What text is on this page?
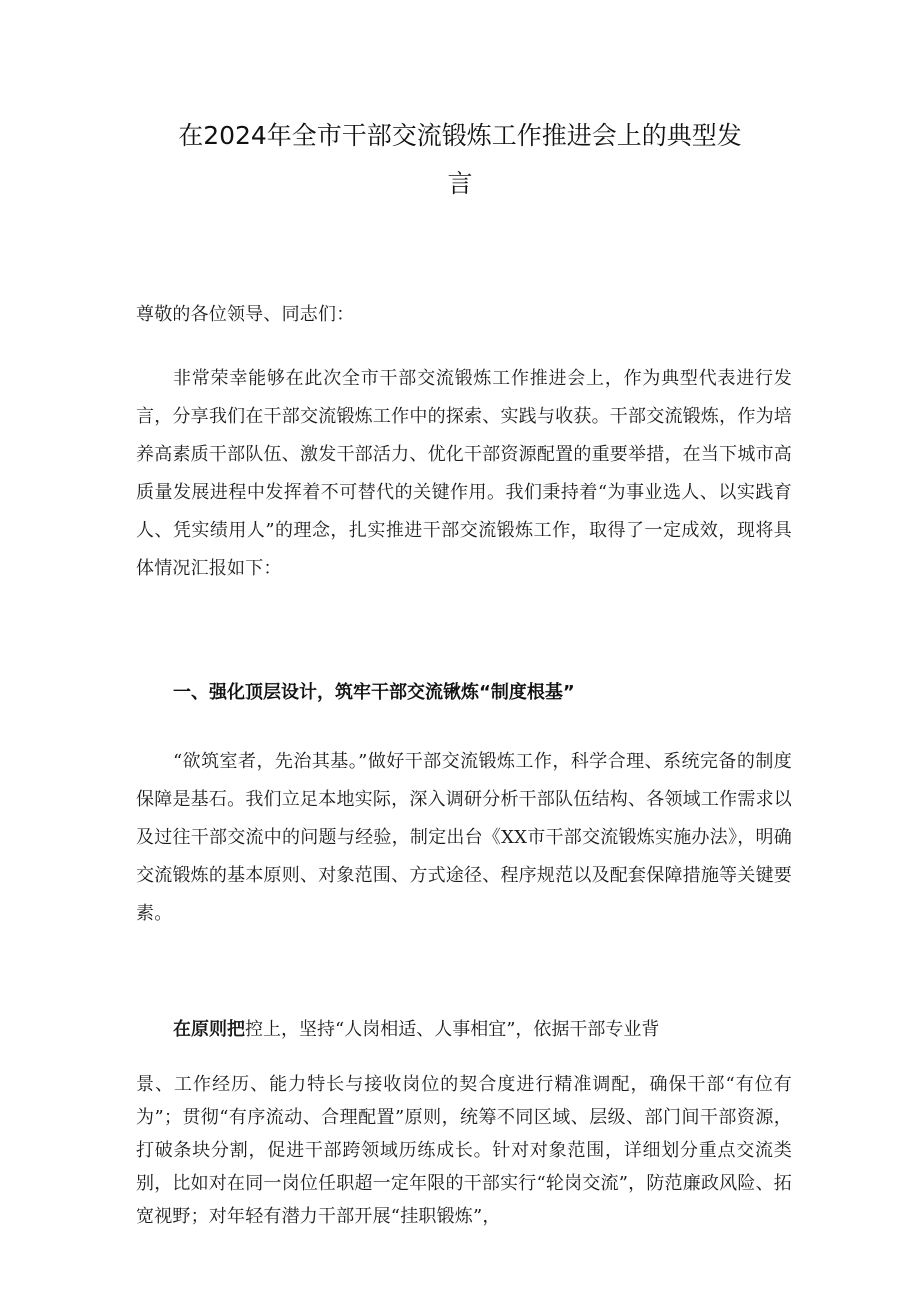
在2024年全市干部交流锻炼工作推进会上的典型发
言

尊敬的各位领导、同志们：

非常荣幸能够在此次全市干部交流锻炼工作推进会上，作为典型代表进行发言，分享我们在干部交流锻炼工作中的探索、实践与收获。干部交流锻炼，作为培养高素质干部队伍、激发干部活力、优化干部资源配置的重要举措，在当下城市高质量发展进程中发挥着不可替代的关键作用。我们秉持着“为事业选人、以实践育人、凭实绩用人”的理念，扎实推进干部交流锻炼工作，取得了一定成效，现将具体情况汇报如下：

一、强化顶层设计，筑牢干部交流锹炼“制度根基”

“欲筑室者，先治其基。”做好干部交流锻炼工作，科学合理、系统完备的制度保障是基石。我们立足本地实际，深入调研分析干部队伍结构、各领域工作需求以及过往干部交流中的问题与经验，制定出台《XX市干部交流锻炼实施办法》，明确交流锻炼的基本原则、对象范围、方式途径、程序规范以及配套保障措施等关键要素。

在原则把控上，坚持“人岗相适、人事相宜”，依据干部专业背

景、工作经历、能力特长与接收岗位的契合度进行精准调配，确保干部“有位有为”；贯彻“有序流动、合理配置”原则，统筹不同区域、层级、部门间干部资源，打破条块分割，促进干部跨领域历练成长。针对对象范围，详细划分重点交流类别，比如对在同一岗位任职超一定年限的干部实行“轮岗交流”，防范廉政风险、拓宽视野；对年轻有潜力干部开展“挂职锻炼”，
